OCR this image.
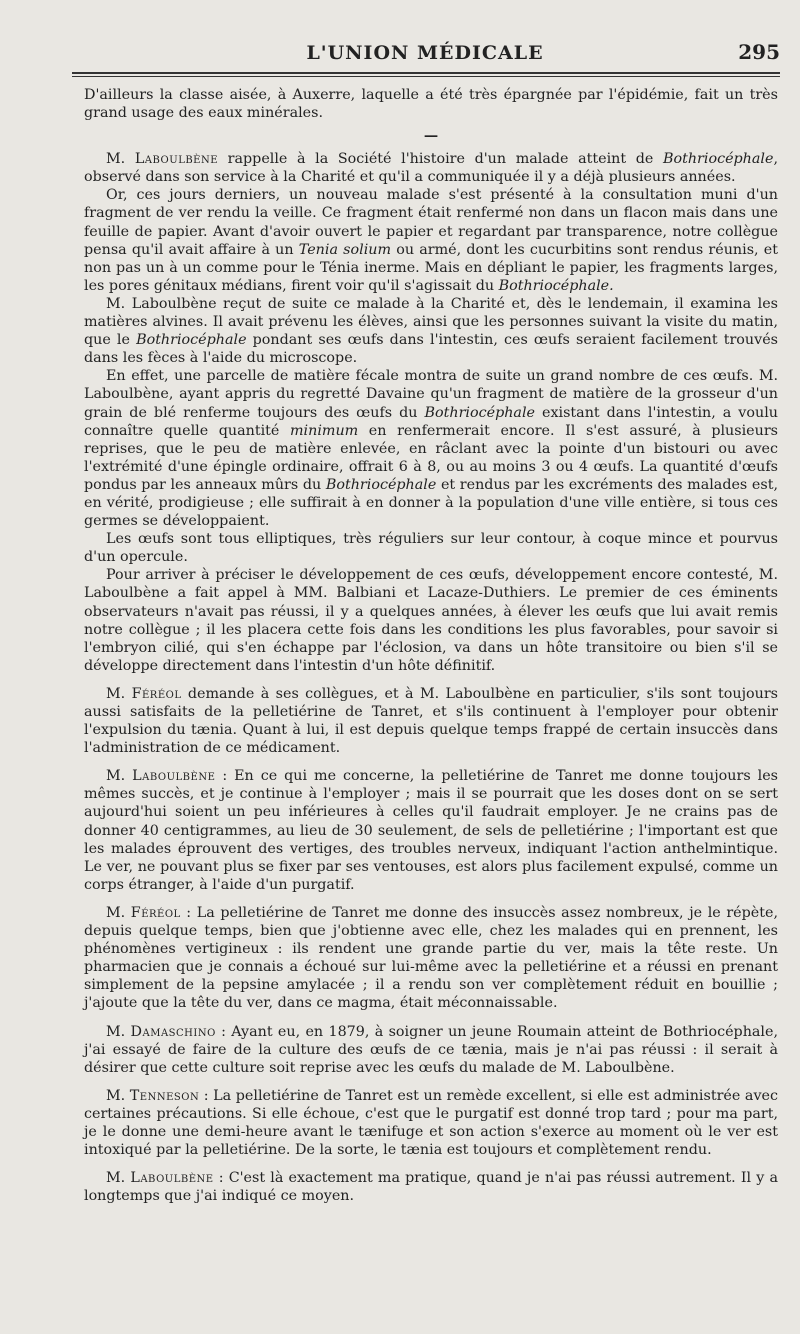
L'UNION MÉDICALE	295

D'ailleurs la classe aisée, à Auxerre, laquelle a été très épargnée par l'épidémie, fait un très grand usage des eaux minérales.

—

M. Laboulbène rappelle à la Société l'histoire d'un malade atteint de Bothriocéphale, observé dans son service à la Charité et qu'il a communiquée il y a déjà plusieurs années.

Or, ces jours derniers, un nouveau malade s'est présenté à la consultation muni d'un fragment de ver rendu la veille. Ce fragment était renfermé non dans un flacon mais dans une feuille de papier. Avant d'avoir ouvert le papier et regardant par transparence, notre collègue pensa qu'il avait affaire à un Tenia solium ou armé, dont les cucurbitins sont rendus réunis, et non pas un à un comme pour le Ténia inerme. Mais en dépliant le papier, les fragments larges, les pores génitaux médians, firent voir qu'il s'agissait du Bothriocéphale.

M. Laboulbène reçut de suite ce malade à la Charité et, dès le lendemain, il examina les matières alvines. Il avait prévenu les élèves, ainsi que les personnes suivant la visite du matin, que le Bothriocéphale pondant ses œufs dans l'intestin, ces œufs seraient facilement trouvés dans les fèces à l'aide du microscope.

En effet, une parcelle de matière fécale montra de suite un grand nombre de ces œufs. M. Laboulbène, ayant appris du regretté Davaine qu'un fragment de matière de la grosseur d'un grain de blé renferme toujours des œufs du Bothriocéphale existant dans l'intestin, a voulu connaître quelle quantité minimum en renfermerait encore. Il s'est assuré, à plusieurs reprises, que le peu de matière enlevée, en râclant avec la pointe d'un bistouri ou avec l'extrémité d'une épingle ordinaire, offrait 6 à 8, ou au moins 3 ou 4 œufs. La quantité d'œufs pondus par les anneaux mûrs du Bothriocéphale et rendus par les excréments des malades est, en vérité, prodigieuse ; elle suffirait à en donner à la population d'une ville entière, si tous ces germes se développaient.

Les œufs sont tous elliptiques, très réguliers sur leur contour, à coque mince et pourvus d'un opercule.

Pour arriver à préciser le développement de ces œufs, développement encore contesté, M. Laboulbène a fait appel à MM. Balbiani et Lacaze-Duthiers. Le premier de ces éminents observateurs n'avait pas réussi, il y a quelques années, à élever les œufs que lui avait remis notre collègue ; il les placera cette fois dans les conditions les plus favorables, pour savoir si l'embryon cilié, qui s'en échappe par l'éclosion, va dans un hôte transitoire ou bien s'il se développe directement dans l'intestin d'un hôte définitif.

M. Féréol demande à ses collègues, et à M. Laboulbène en particulier, s'ils sont toujours aussi satisfaits de la pelletiérine de Tanret, et s'ils continuent à l'employer pour obtenir l'expulsion du tænia. Quant à lui, il est depuis quelque temps frappé de certain insuccès dans l'administration de ce médicament.

M. Laboulbène : En ce qui me concerne, la pelletiérine de Tanret me donne toujours les mêmes succès, et je continue à l'employer ; mais il se pourrait que les doses dont on se sert aujourd'hui soient un peu inférieures à celles qu'il faudrait employer. Je ne crains pas de donner 40 centigrammes, au lieu de 30 seulement, de sels de pelletiérine ; l'important est que les malades éprouvent des vertiges, des troubles nerveux, indiquant l'action anthelmintique. Le ver, ne pouvant plus se fixer par ses ventouses, est alors plus facilement expulsé, comme un corps étranger, à l'aide d'un purgatif.

M. Féréol : La pelletiérine de Tanret me donne des insuccès assez nombreux, je le répète, depuis quelque temps, bien que j'obtienne avec elle, chez les malades qui en prennent, les phénomènes vertigineux : ils rendent une grande partie du ver, mais la tête reste. Un pharmacien que je connais a échoué sur lui-même avec la pelletiérine et a réussi en prenant simplement de la pepsine amylacée ; il a rendu son ver complètement réduit en bouillie ; j'ajoute que la tête du ver, dans ce magma, était méconnaissable.

M. Damaschino : Ayant eu, en 1879, à soigner un jeune Roumain atteint de Bothriocéphale, j'ai essayé de faire de la culture des œufs de ce tænia, mais je n'ai pas réussi : il serait à désirer que cette culture soit reprise avec les œufs du malade de M. Laboulbène.

M. Tenneson : La pelletiérine de Tanret est un remède excellent, si elle est administrée avec certaines précautions. Si elle échoue, c'est que le purgatif est donné trop tard ; pour ma part, je le donne une demi-heure avant le tænifuge et son action s'exerce au moment où le ver est intoxiqué par la pelletiérine. De la sorte, le tænia est toujours et complètement rendu.

M. Laboulbène : C'est là exactement ma pratique, quand je n'ai pas réussi autrement. Il y a longtemps que j'ai indiqué ce moyen.
